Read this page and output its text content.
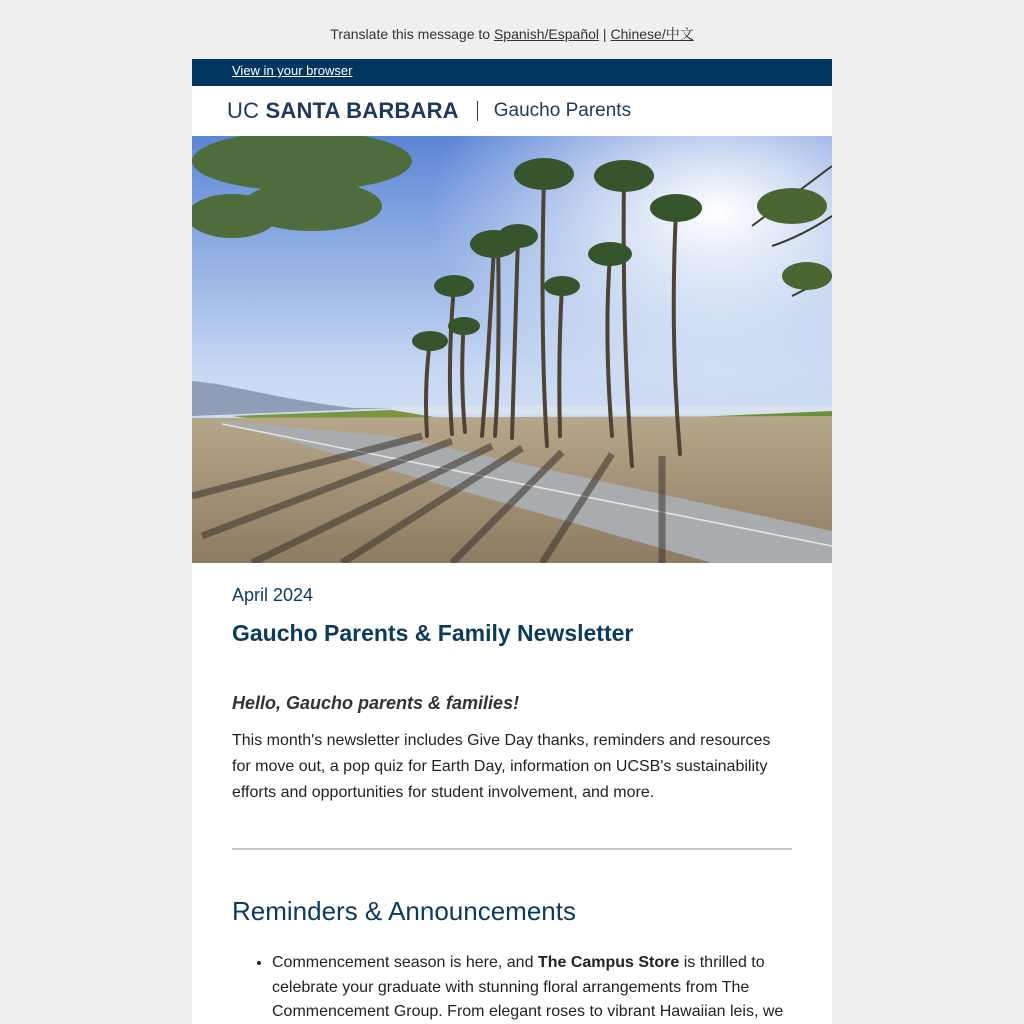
Translate this message to Spanish/Español | Chinese/中文
View in your browser
UC SANTA BARBARA Gaucho Parents

April 2024

Gaucho Parents & Family Newsletter

Hello, Gaucho parents & families!

This month's newsletter includes Give Day thanks, reminders and resources for move out, a pop quiz for Earth Day, information on UCSB's sustainability efforts and opportunities for student involvement, and more.

Reminders & Announcements
• Commencement season is here, and The Campus Store is thrilled to celebrate your graduate with stunning floral arrangements from The Commencement Group. From elegant roses to vibrant Hawaiian leis, we
